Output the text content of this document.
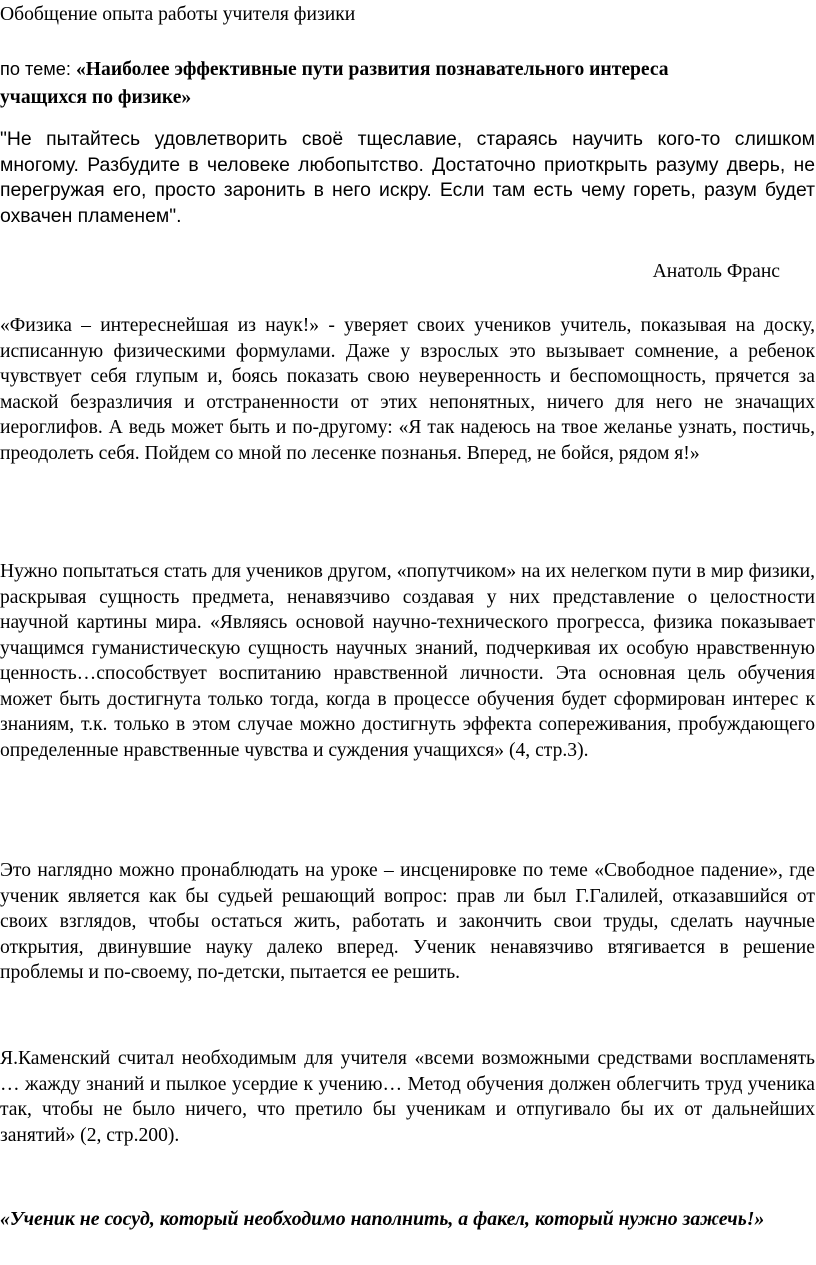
Обобщение опыта работы учителя физики

по теме: «Наиболее эффективные пути развития познавательного интереса учащихся по физике»

"Не пытайтесь удовлетворить своё тщеславие, стараясь научить кого-то слишком многому. Разбудите в человеке любопытство. Достаточно приоткрыть разуму дверь, не перегружая его, просто заронить в него искру. Если там есть чему гореть, разум будет охвачен пламенем".

Анатоль Франс

«Физика – интереснейшая из наук!» - уверяет своих учеников учитель, показывая на доску, исписанную физическими формулами. Даже у взрослых это вызывает сомнение, а ребенок чувствует себя глупым и, боясь показать свою неуверенность и беспомощность, прячется за маской безразличия и отстраненности от этих непонятных, ничего для него не значащих иероглифов. А ведь может быть и по-другому: «Я так надеюсь на твое желанье узнать, постичь, преодолеть себя. Пойдем со мной по лесенке познанья. Вперед, не бойся, рядом я!»

Нужно попытаться стать для учеников другом, «попутчиком» на их нелегком пути в мир физики, раскрывая сущность предмета, ненавязчиво создавая у них представление о целостности научной картины мира. «Являясь основой научно-технического прогресса, физика показывает учащимся гуманистическую сущность научных знаний, подчеркивая их особую нравственную ценность…способствует воспитанию нравственной личности. Эта основная цель обучения может быть достигнута только тогда, когда в процессе обучения будет сформирован интерес к знаниям, т.к. только в этом случае можно достигнуть эффекта сопереживания, пробуждающего определенные нравственные чувства и суждения учащихся» (4, стр.3).

Это наглядно можно пронаблюдать на уроке – инсценировке по теме «Свободное падение», где ученик является как бы судьей решающий вопрос: прав ли был Г.Галилей, отказавшийся от своих взглядов, чтобы остаться жить, работать и закончить свои труды, сделать научные открытия, двинувшие науку далеко вперед. Ученик ненавязчиво втягивается в решение проблемы и по-своему, по-детски, пытается ее решить.

Я.Каменский считал необходимым для учителя «всеми возможными средствами воспламенять … жажду знаний и пылкое усердие к учению… Метод обучения должен облегчить труд ученика так, чтобы не было ничего, что претило бы ученикам и отпугивало бы их от дальнейших занятий» (2, стр.200).

«Ученик не сосуд, который необходимо наполнить, а факел, который нужно зажечь!»
